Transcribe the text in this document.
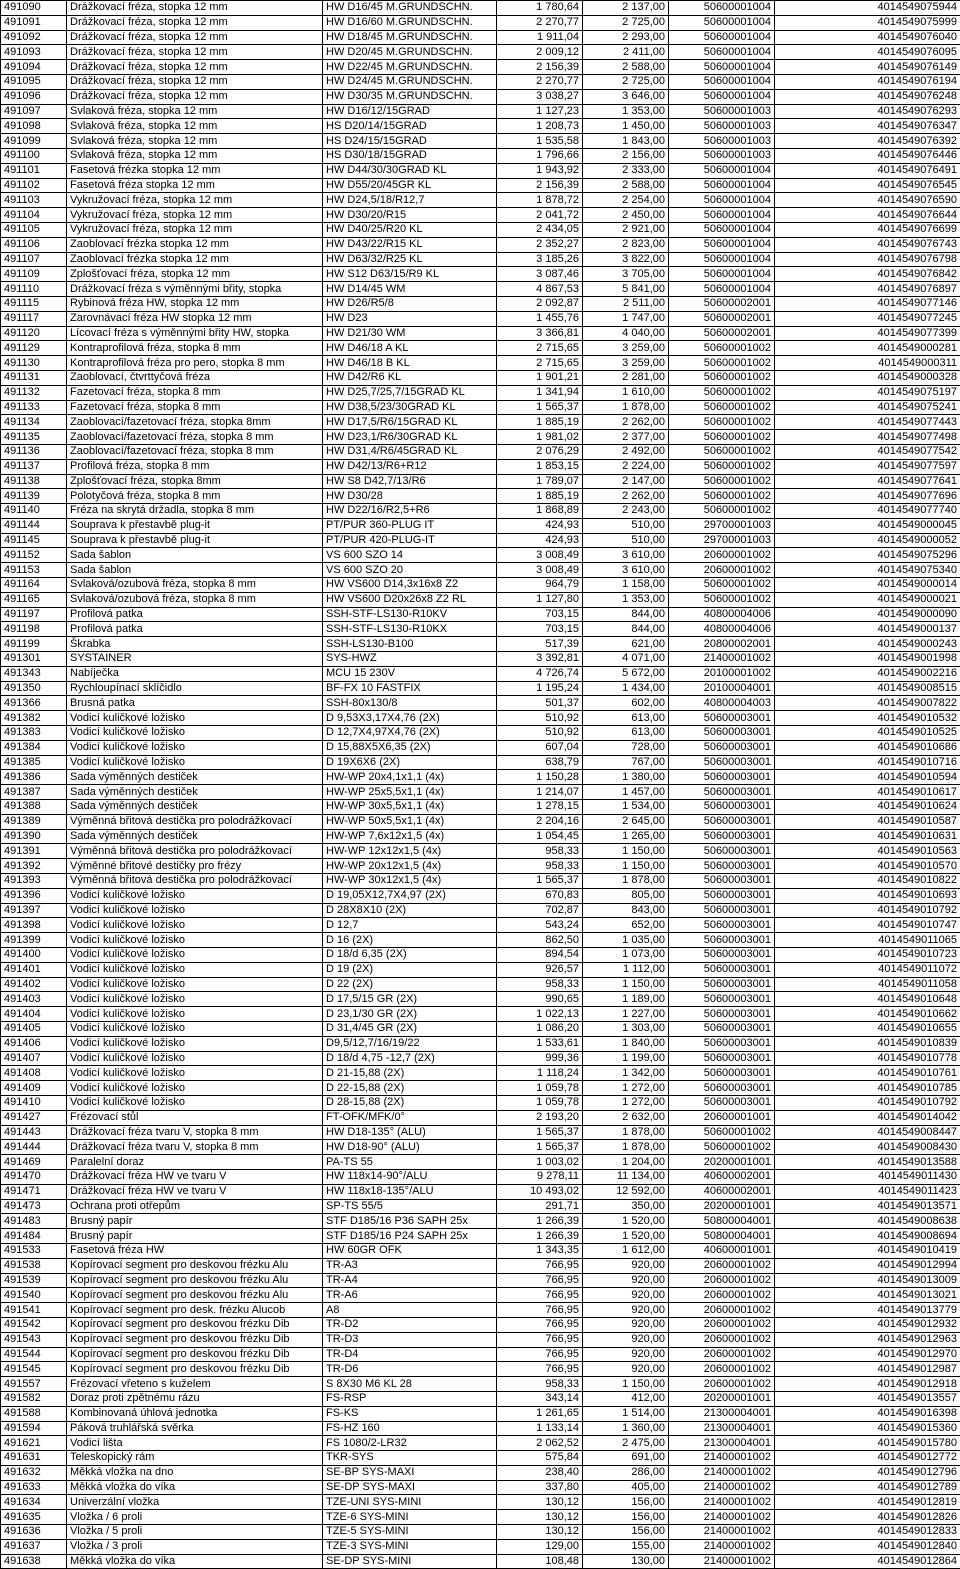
491090	Drážkovací fréza, stopka 12 mm	HW D16/45 M.GRUNDSCHN.	1 780,64	2 137,00	50600001004	4014549075944
491091	Drážkovací fréza, stopka 12 mm	HW D16/60 M.GRUNDSCHN.	2 270,77	2 725,00	50600001004	4014549075999
491092	Drážkovací fréza, stopka 12 mm	HW D18/45 M.GRUNDSCHN.	1 911,04	2 293,00	50600001004	4014549076040
491093	Drážkovací fréza, stopka 12 mm	HW D20/45 M.GRUNDSCHN.	2 009,12	2 411,00	50600001004	4014549076095
491094	Drážkovací fréza, stopka 12 mm	HW D22/45 M.GRUNDSCHN.	2 156,39	2 588,00	50600001004	4014549076149
491095	Drážkovací fréza, stopka 12 mm	HW D24/45 M.GRUNDSCHN.	2 270,77	2 725,00	50600001004	4014549076194
491096	Drážkovací fréza, stopka 12 mm	HW D30/35 M.GRUNDSCHN.	3 038,27	3 646,00	50600001004	4014549076248
491097	Svlaková fréza, stopka 12 mm	HW D16/12/15GRAD	1 127,23	1 353,00	50600001003	4014549076293
491098	Svlaková fréza, stopka 12 mm	HS D20/14/15GRAD	1 208,73	1 450,00	50600001003	4014549076347
491099	Svlaková fréza, stopka 12 mm	HS D24/15/15GRAD	1 535,58	1 843,00	50600001003	4014549076392
491100	Svlaková fréza, stopka 12 mm	HS D30/18/15GRAD	1 796,66	2 156,00	50600001003	4014549076446
491101	Fasetová frézka stopka 12 mm	HW D44/30/30GRAD KL	1 943,92	2 333,00	50600001004	4014549076491
491102	Fasetová fréza stopka 12 mm	HW D55/20/45GR KL	2 156,39	2 588,00	50600001004	4014549076545
491103	Vykružovací fréza, stopka 12 mm	HW D24,5/18/R12,7	1 878,72	2 254,00	50600001004	4014549076590
491104	Vykružovací fréza, stopka 12 mm	HW D30/20/R15	2 041,72	2 450,00	50600001004	4014549076644
491105	Vykružovací fréza, stopka 12 mm	HW D40/25/R20 KL	2 434,05	2 921,00	50600001004	4014549076699
491106	Zaoblovací frézka stopka 12 mm	HW D43/22/R15 KL	2 352,27	2 823,00	50600001004	4014549076743
491107	Zaoblovací frézka stopka 12 mm	HW D63/32/R25 KL	3 185,26	3 822,00	50600001004	4014549076798
491109	Zplošťovací fréza, stopka 12 mm	HW S12 D63/15/R9 KL	3 087,46	3 705,00	50600001004	4014549076842
491110	Drážkovací fréza s výměnnými břity, stopka	HW D14/45 WM	4 867,53	5 841,00	50600001004	4014549076897
491115	Rybinová fréza HW, stopka 12 mm	HW D26/R5/8	2 092,87	2 511,00	50600002001	4014549077146
491117	Zarovnávací fréza HW stopka 12 mm	HW D23	1 455,76	1 747,00	50600002001	4014549077245
491120	Lícovací fréza s výměnnými břity HW, stopka	HW D21/30 WM	3 366,81	4 040,00	50600002001	4014549077399
491129	Kontraprofilová fréza, stopka 8 mm	HW D46/18 A KL	2 715,65	3 259,00	50600001002	4014549000281
491130	Kontraprofilová fréza pro pero, stopka 8 mm	HW D46/18 B KL	2 715,65	3 259,00	50600001002	4014549000311
491131	Zaoblovací, čtvrttyčová fréza	HW D42/R6 KL	1 901,21	2 281,00	50600001002	4014549000328
491132	Fazetovací fréza, stopka 8 mm	HW D25,7/25,7/15GRAD KL	1 341,94	1 610,00	50600001002	4014549075197
491133	Fazetovací fréza, stopka 8 mm	HW D38,5/23/30GRAD KL	1 565,37	1 878,00	50600001002	4014549075241
491134	Zaoblovací/fazetovací fréza, stopka 8mm	HW D17,5/R6/15GRAD KL	1 885,19	2 262,00	50600001002	4014549077443
491135	Zaoblovací/fazetovací fréza, stopka 8 mm	HW D23,1/R6/30GRAD KL	1 981,02	2 377,00	50600001002	4014549077498
491136	Zaoblovací/fazetovací fréza, stopka 8 mm	HW D31,4/R6/45GRAD KL	2 076,29	2 492,00	50600001002	4014549077542
491137	Profilová fréza, stopka 8 mm	HW D42/13/R6+R12	1 853,15	2 224,00	50600001002	4014549077597
491138	Zplošťovací fréza, stopka 8mm	HW S8 D42,7/13/R6	1 789,07	2 147,00	50600001002	4014549077641
491139	Polotyčová fréza, stopka 8 mm	HW D30/28	1 885,19	2 262,00	50600001002	4014549077696
491140	Fréza na skrytá držadla, stopka 8 mm	HW D22/16/R2,5+R6	1 868,89	2 243,00	50600001002	4014549077740
491144	Souprava k přestavbě plug-it	PT/PUR 360-PLUG IT	424,93	510,00	29700001003	4014549000045
491145	Souprava k přestavbě plug-it	PT/PUR 420-PLUG-IT	424,93	510,00	29700001003	4014549000052
491152	Sada šablon	VS 600 SZO 14	3 008,49	3 610,00	20600001002	4014549075296
491153	Sada šablon	VS 600 SZO 20	3 008,49	3 610,00	20600001002	4014549075340
491164	Svlaková/ozubová fréza, stopka 8 mm	HW VS600 D14,3x16x8 Z2	964,79	1 158,00	50600001002	4014549000014
491165	Svlaková/ozubová fréza, stopka 8 mm	HW VS600 D20x26x8 Z2 RL	1 127,80	1 353,00	50600001002	4014549000021
491197	Profilová patka	SSH-STF-LS130-R10KV	703,15	844,00	40800004006	4014549000090
491198	Profilová patka	SSH-STF-LS130-R10KX	703,15	844,00	40800004006	4014549000137
491199	Škrabka	SSH-LS130-B100	517,39	621,00	20800002001	4014549000243
491301	SYSTAINER	SYS-HWZ	3 392,81	4 071,00	21400001002	4014549001998
491343	Nabíječka	MCU 15 230V	4 726,74	5 672,00	20100001002	4014549002216
491350	Rychloupínací sklíčidlo	BF-FX 10 FASTFIX	1 195,24	1 434,00	20100004001	4014549008515
491366	Brusná patka	SSH-80x130/8	501,37	602,00	40800004003	4014549007822
491382	Vodicí kuličkové ložisko	D 9,53X3,17X4,76 (2X)	510,92	613,00	50600003001	4014549010532
491383	Vodicí kuličkové ložisko	D 12,7X4,97X4,76 (2X)	510,92	613,00	50600003001	4014549010525
491384	Vodicí kuličkové ložisko	D 15,88X5X6,35 (2X)	607,04	728,00	50600003001	4014549010686
491385	Vodicí kuličkové ložisko	D 19X6X6 (2X)	638,79	767,00	50600003001	4014549010716
491386	Sada výměnných destiček	HW-WP 20x4,1x1,1 (4x)	1 150,28	1 380,00	50600003001	4014549010594
491387	Sada výměnných destiček	HW-WP 25x5,5x1,1 (4x)	1 214,07	1 457,00	50600003001	4014549010617
491388	Sada výměnných destiček	HW-WP 30x5,5x1,1 (4x)	1 278,15	1 534,00	50600003001	4014549010624
491389	Výměnná břitová destička pro polodrážkovací	HW-WP 50x5,5x1,1 (4x)	2 204,16	2 645,00	50600003001	4014549010587
491390	Sada výměnných destiček	HW-WP 7,6x12x1,5 (4x)	1 054,45	1 265,00	50600003001	4014549010631
491391	Výměnná břitová destička pro polodrážkovací	HW-WP 12x12x1,5 (4x)	958,33	1 150,00	50600003001	4014549010563
491392	Výměnné břitové destičky pro frézy	HW-WP 20x12x1,5 (4x)	958,33	1 150,00	50600003001	4014549010570
491393	Výměnná břitová destička pro polodrážkovací	HW-WP 30x12x1,5 (4x)	1 565,37	1 878,00	50600003001	4014549010822
491396	Vodicí kuličkové ložisko	D 19,05X12,7X4,97 (2X)	670,83	805,00	50600003001	4014549010693
491397	Vodicí kuličkové ložisko	D 28X8X10 (2X)	702,87	843,00	50600003001	4014549010792
491398	Vodicí kuličkové ložisko	D 12,7	543,24	652,00	50600003001	4014549010747
491399	Vodicí kuličkové ložisko	D 16 (2X)	862,50	1 035,00	50600003001	4014549011065
491400	Vodicí kuličkové ložisko	D 18/d 6,35 (2X)	894,54	1 073,00	50600003001	4014549010723
491401	Vodicí kuličkové ložisko	D 19 (2X)	926,57	1 112,00	50600003001	4014549011072
491402	Vodicí kuličkové ložisko	D 22 (2X)	958,33	1 150,00	50600003001	4014549011058
491403	Vodicí kuličkové ložisko	D 17,5/15 GR (2X)	990,65	1 189,00	50600003001	4014549010648
491404	Vodicí kuličkové ložisko	D 23,1/30 GR (2X)	1 022,13	1 227,00	50600003001	4014549010662
491405	Vodicí kuličkové ložisko	D 31,4/45 GR (2X)	1 086,20	1 303,00	50600003001	4014549010655
491406	Vodicí kuličkové ložisko	D9,5/12,7/16/19/22	1 533,61	1 840,00	50600003001	4014549010839
491407	Vodicí kuličkové ložisko	D 18/d 4,75 -12,7 (2X)	999,36	1 199,00	50600003001	4014549010778
491408	Vodicí kuličkové ložisko	D 21-15,88 (2X)	1 118,24	1 342,00	50600003001	4014549010761
491409	Vodicí kuličkové ložisko	D 22-15,88 (2X)	1 059,78	1 272,00	50600003001	4014549010785
491410	Vodicí kuličkové ložisko	D 28-15,88 (2X)	1 059,78	1 272,00	50600003001	4014549010792
491427	Frézovací stůl	FT-OFK/MFK/0°	2 193,20	2 632,00	20600001001	4014549014042
491443	Drážkovací fréza tvaru V, stopka 8 mm	HW D18-135° (ALU)	1 565,37	1 878,00	50600001002	4014549008447
491444	Drážkovací fréza tvaru V, stopka 8 mm	HW D18-90° (ALU)	1 565,37	1 878,00	50600001002	4014549008430
491469	Paralelní doraz	PA-TS 55	1 003,02	1 204,00	20200001001	4014549013588
491470	Drážkovací fréza HW ve tvaru V	HW 118x14-90°/ALU	9 278,11	11 134,00	40600002001	4014549011430
491471	Drážkovací fréza HW ve tvaru V	HW 118x18-135°/ALU	10 493,02	12 592,00	40600002001	4014549011423
491473	Ochrana proti otřepům	SP-TS 55/5	291,71	350,00	20200001001	4014549013571
491483	Brusný papír	STF D185/16 P36 SAPH 25x	1 266,39	1 520,00	50800004001	4014549008638
491484	Brusný papír	STF D185/16 P24 SAPH 25x	1 266,39	1 520,00	50800004001	4014549008694
491533	Fasetová fréza HW	HW 60GR OFK	1 343,35	1 612,00	40600001001	4014549010419
491538	Kopírovací segment pro deskovou frézku Alu	TR-A3	766,95	920,00	20600001002	4014549012994
491539	Kopírovací segment pro deskovou frézku Alu	TR-A4	766,95	920,00	20600001002	4014549013009
491540	Kopírovací segment pro deskovou frézku Alu	TR-A6	766,95	920,00	20600001002	4014549013021
491541	Kopírovací segment pro desk. frézku Alucob	A8	766,95	920,00	20600001002	4014549013779
491542	Kopírovací segment pro deskovou frézku Dib	TR-D2	766,95	920,00	20600001002	4014549012932
491543	Kopírovací segment pro deskovou frézku Dib	TR-D3	766,95	920,00	20600001002	4014549012963
491544	Kopírovací segment pro deskovou frézku Dib	TR-D4	766,95	920,00	20600001002	4014549012970
491545	Kopírovací segment pro deskovou frézku Dib	TR-D6	766,95	920,00	20600001002	4014549012987
491557	Frézovací vřeteno s kuželem	S 8X30 M6 KL 28	958,33	1 150,00	20600001002	4014549012918
491582	Doraz proti zpětnému rázu	FS-RSP	343,14	412,00	20200001001	4014549013557
491588	Kombinovaná úhlová jednotka	FS-KS	1 261,65	1 514,00	21300004001	4014549016398
491594	Páková truhlářská svěrka	FS-HZ 160	1 133,14	1 360,00	21300004001	4014549015360
491621	Vodicí lišta	FS 1080/2-LR32	2 062,52	2 475,00	21300004001	4014549015780
491631	Teleskopický rám	TKR-SYS	575,84	691,00	21400001002	4014549012772
491632	Měkká vložka na dno	SE-BP SYS-MAXI	238,40	286,00	21400001002	4014549012796
491633	Měkká vložka do víka	SE-DP SYS-MAXI	337,80	405,00	21400001002	4014549012789
491634	Univerzální vložka	TZE-UNI SYS-MINI	130,12	156,00	21400001002	4014549012819
491635	Vložka / 6 proli	TZE-6 SYS-MINI	130,12	156,00	21400001002	4014549012826
491636	Vložka / 5 proli	TZE-5 SYS-MINI	130,12	156,00	21400001002	4014549012833
491637	Vložka / 3 proli	TZE-3 SYS-MINI	129,00	155,00	21400001002	4014549012840
491638	Měkká vložka do víka	SE-DP SYS-MINI	108,48	130,00	21400001002	4014549012864
